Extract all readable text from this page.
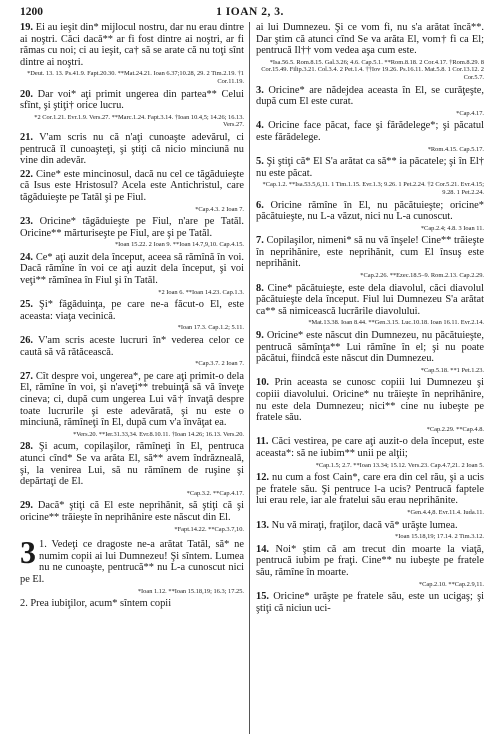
1200	1 IOAN 2, 3.

19. Ei au ieşit din* mijlocul nostru, dar nu erau dintre ai noştri. Căci dacă** ar fi fost dintre ai noştri, ar fi rămas cu noi; ci au ieşit, ca† să se arate că nu toţi sînt dintre ai noştri.

*Deut. 13. 13. Ps.41.9. Fapt.20.30. **Mat.24.21. Ioan 6.37;10.28, 29. 2 Tim.2.19. †1 Cor.11.19.

20. Dar voi* aţi primit ungerea din partea** Celui sfînt, şi ştiţi† orice lucru.

*2 Cor.1.21. Evr.1.9. Vers.27. **Marc.1.24. Fapt.3.14. †Ioan 10.4,5; 14.26; 16.13. Vers.27.

21. V'am scris nu că n'aţi cunoaşte adevărul, ci pentrucă îl cunoaşteţi, şi ştiţi că nicio minciună nu vine din adevăr.

22. Cine* este mincinosul, dacă nu cel ce tăgăduieşte că Isus este Hristosul? Acela este Antichristul, care tăgăduieşte pe Tatăl şi pe Fiul.

*Cap.4.3. 2 Ioan 7.

23. Oricine* tăgăduieşte pe Fiul, n'are pe Tatăl. Oricine** mărturiseşte pe Fiul, are şi pe Tatăl.

*Ioan 15.22. 2 Ioan 9. **Ioan 14.7,9,10. Cap.4.15.

24. Ce* aţi auzit dela început, aceea să rămînă în voi. Dacă rămîne în voi ce aţi auzit dela început, şi voi veţi** rămînea în Fiul şi în Tatăl.

*2 Ioan 6. **Ioan 14.23. Cap.1.3.

25. Şi* făgăduinţa, pe care ne-a făcut-o El, este aceasta: viaţa vecinică.

*Ioan 17.3. Cap.1.2; 5.11.

26. V'am scris aceste lucruri în* vederea celor ce caută să vă rătăcească.

*Cap.3.7. 2 Ioan 7.

27. Cît despre voi, ungerea*, pe care aţi primit-o dela El, rămîne în voi, şi n'aveţi** trebuinţă să vă înveţe cineva; ci, după cum ungerea Lui vă† învaţă despre toate lucrurile şi este adevărată, şi nu este o minciună, rămîneţi în El, după cum v'a învăţat ea.

*Vers.20. **Ier.31.33,34. Evr.8.10.11. †Ioan 14.26; 16.13. Vers.20.

28. Şi acum, copilaşilor, rămîneţi în El, pentruca atunci cînd* Se va arăta El, să** avem îndrăzneală, şi, la venirea Lui, să nu rămînem de ruşine şi depărtaţi de El.

*Cap.3.2. **Cap.4.17.

29. Dacă* ştiţi că El este neprihănit, să ştiţi că şi oricine** trăieşte în neprihănire este născut din El.

*Fapt.14.22. **Cap.3.7,10.

3 1. Vedeţi ce dragoste ne-a arătat Tatăl, să* ne numim copii ai lui Dumnezeu! Şi sîntem. Lumea nu ne cunoaşte, pentrucă** nu L-a cunoscut nici pe El.

*Ioan 1.12. **Ioan 15.18,19; 16.3; 17.25.

2. Prea iubiţilor, acum* sîntem copii

ai lui Dumnezeu. Şi ce vom fi, nu s'a arătat încă**. Dar ştim că atunci cînd Se va arăta El, vom† fi ca El; pentrucă Il†† vom vedea aşa cum este.

*Isa.56.5. Rom.8.15. Gal.3.26; 4.6. Cap.5.1. **Rom.8.18. 2 Cor.4.17. †Rom.8.29. 8 Cor.15.49. Filip.3.21. Col.3.4. 2 Pet.1.4. ††Iov 19.26. Ps.16.11. Mat.5.8. 1 Cor.13.12. 2 Cor.5.7.

3. Oricine* are nădejdea aceasta în El, se curăţeşte, după cum El este curat.

*Cap.4.17.

4. Oricine face păcat, face şi fărădelege*; şi păcatul este fărădelege.

*Rom.4.15. Cap.5.17.

5. Şi ştiţi că* El S'a arătat ca să** ia păcatele; şi în El† nu este păcat.

*Cap.1.2. **Isa.53.5,6,11. 1 Tim.1.15. Evr.1.3; 9.26. 1 Pet.2.24. †2 Cor.5.21. Evr.4.15; 9.28. 1 Pet.2.24.

6. Oricine rămîne în El, nu păcătuieşte; oricine* păcătuieşte, nu L-a văzut, nici nu L-a cunoscut.

*Cap.2.4; 4.8. 3 Ioan 11.

7. Copilaşilor, nimeni* să nu vă înşele! Cine** trăieşte în neprihănire, este neprihănit, cum El însuş este neprihănit.

*Cap.2.26. **Ezec.18.5–9. Rom.2.13. Cap.2.29.

8. Cine* păcătuieşte, este dela diavolul, căci diavolul păcătuieşte dela început. Fiul lui Dumnezeu S'a arătat ca** să nimicească lucrările diavolului.

*Mat.13.38. Ioan 8.44. **Gen.3.15. Luc.10.18. Ioan 16.11. Evr.2.14.

9. Oricine* este născut din Dumnezeu, nu păcătuieşte, pentrucă sămînţa** Lui rămîne în el; şi nu poate păcătui, fiindcă este născut din Dumnezeu.

*Cap.5.18. **1 Pet.1.23.

10. Prin aceasta se cunosc copiii lui Dumnezeu şi copiii diavolului. Oricine* nu trăieşte în neprihănire, nu este dela Dumnezeu; nici** cine nu iubeşte pe fratele său.

*Cap.2.29. **Cap.4.8.

11. Căci vestirea, pe care aţi auzit-o dela început, este aceasta*: să ne iubim** unii pe alţii;

*Cap.1.5; 2.7. **Ioan 13.34; 15.12. Vers.23. Cap.4.7,21. 2 Ioan 5.

12. nu cum a fost Cain*, care era din cel rău, şi a ucis pe fratele său. Şi pentruce l-a ucis? Pentrucă faptele lui erau rele, iar ale fratelui său erau neprihănite.

*Gen.4.4,8. Evr.11.4. Iuda.11.

13. Nu vă miraţi, fraţilor, dacă vă* urăşte lumea.

*Ioan 15.18,19; 17.14. 2 Tim.3.12.

14. Noi* ştim că am trecut din moarte la viaţă, pentrucă iubim pe fraţi. Cine** nu iubeşte pe fratele său, rămîne în moarte.

*Cap.2.10. **Cap.2.9,11.

15. Oricine* urăşte pe fratele său, este un ucigaş; şi ştiţi că niciun uci-
